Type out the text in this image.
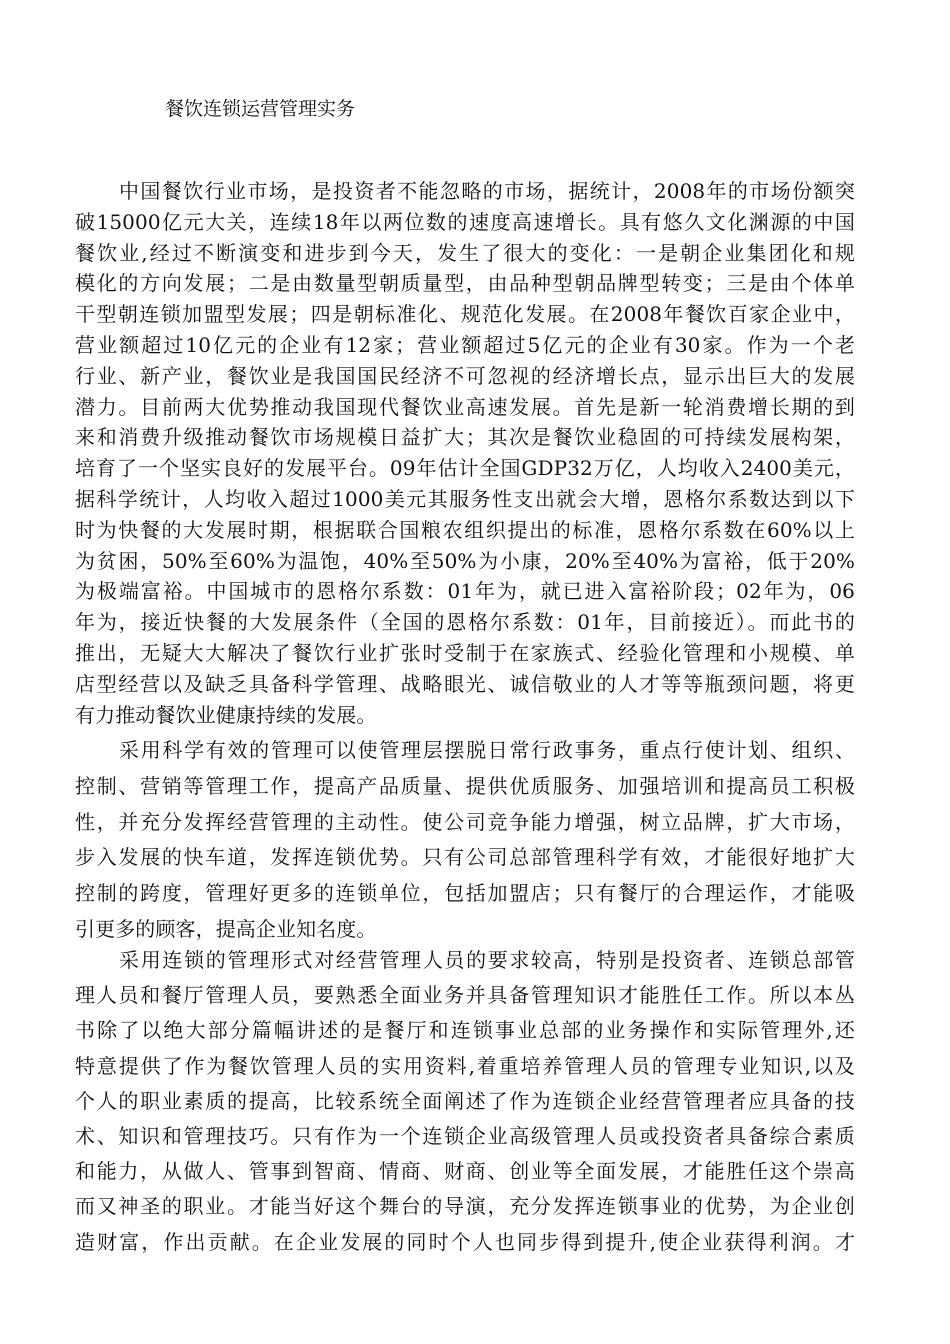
餐饮连锁运营管理实务
中国餐饮行业市场，是投资者不能忽略的市场，据统计，2008年的市场份额突
破15000亿元大关，连续18年以两位数的速度高速增长。具有悠久文化渊源的中国
餐饮业,经过不断演变和进步到今天，发生了很大的变化：一是朝企业集团化和规
模化的方向发展；二是由数量型朝质量型，由品种型朝品牌型转变；三是由个体单
干型朝连锁加盟型发展；四是朝标准化、规范化发展。在2008年餐饮百家企业中，
营业额超过10亿元的企业有12家；营业额超过5亿元的企业有30家。作为一个老
行业、新产业，餐饮业是我国国民经济不可忽视的经济增长点，显示出巨大的发展
潜力。目前两大优势推动我国现代餐饮业高速发展。首先是新一轮消费增长期的到
来和消费升级推动餐饮市场规模日益扩大；其次是餐饮业稳固的可持续发展构架，
培育了一个坚实良好的发展平台。09年估计全国GDP32万亿，人均收入2400美元，
据科学统计，人均收入超过1000美元其服务性支出就会大增，恩格尔系数达到以下
时为快餐的大发展时期，根据联合国粮农组织提出的标准，恩格尔系数在60%以上
为贫困，50%至60%为温饱，40%至50%为小康，20%至40%为富裕，低于20%
为极端富裕。中国城市的恩格尔系数：01年为，就已进入富裕阶段；02年为，06
年为，接近快餐的大发展条件（全国的恩格尔系数：01年，目前接近）。而此书的
推出，无疑大大解决了餐饮行业扩张时受制于在家族式、经验化管理和小规模、单
店型经营以及缺乏具备科学管理、战略眼光、诚信敬业的人才等等瓶颈问题，将更
有力推动餐饮业健康持续的发展。
采用科学有效的管理可以使管理层摆脱日常行政事务，重点行使计划、组织、
控制、营销等管理工作，提高产品质量、提供优质服务、加强培训和提高员工积极
性，并充分发挥经营管理的主动性。使公司竞争能力增强，树立品牌，扩大市场，
步入发展的快车道，发挥连锁优势。只有公司总部管理科学有效，才能很好地扩大
控制的跨度，管理好更多的连锁单位，包括加盟店；只有餐厅的合理运作，才能吸
引更多的顾客，提高企业知名度。
采用连锁的管理形式对经营管理人员的要求较高，特别是投资者、连锁总部管
理人员和餐厅管理人员，要熟悉全面业务并具备管理知识才能胜任工作。所以本丛
书除了以绝大部分篇幅讲述的是餐厅和连锁事业总部的业务操作和实际管理外,还
特意提供了作为餐饮管理人员的实用资料,着重培养管理人员的管理专业知识,以及
个人的职业素质的提高，比较系统全面阐述了作为连锁企业经营管理者应具备的技
术、知识和管理技巧。只有作为一个连锁企业高级管理人员或投资者具备综合素质
和能力，从做人、管事到智商、情商、财商、创业等全面发展，才能胜任这个崇高
而又神圣的职业。才能当好这个舞台的导演，充分发挥连锁事业的优势，为企业创
造财富，作出贡献。在企业发展的同时个人也同步得到提升,使企业获得利润。才
